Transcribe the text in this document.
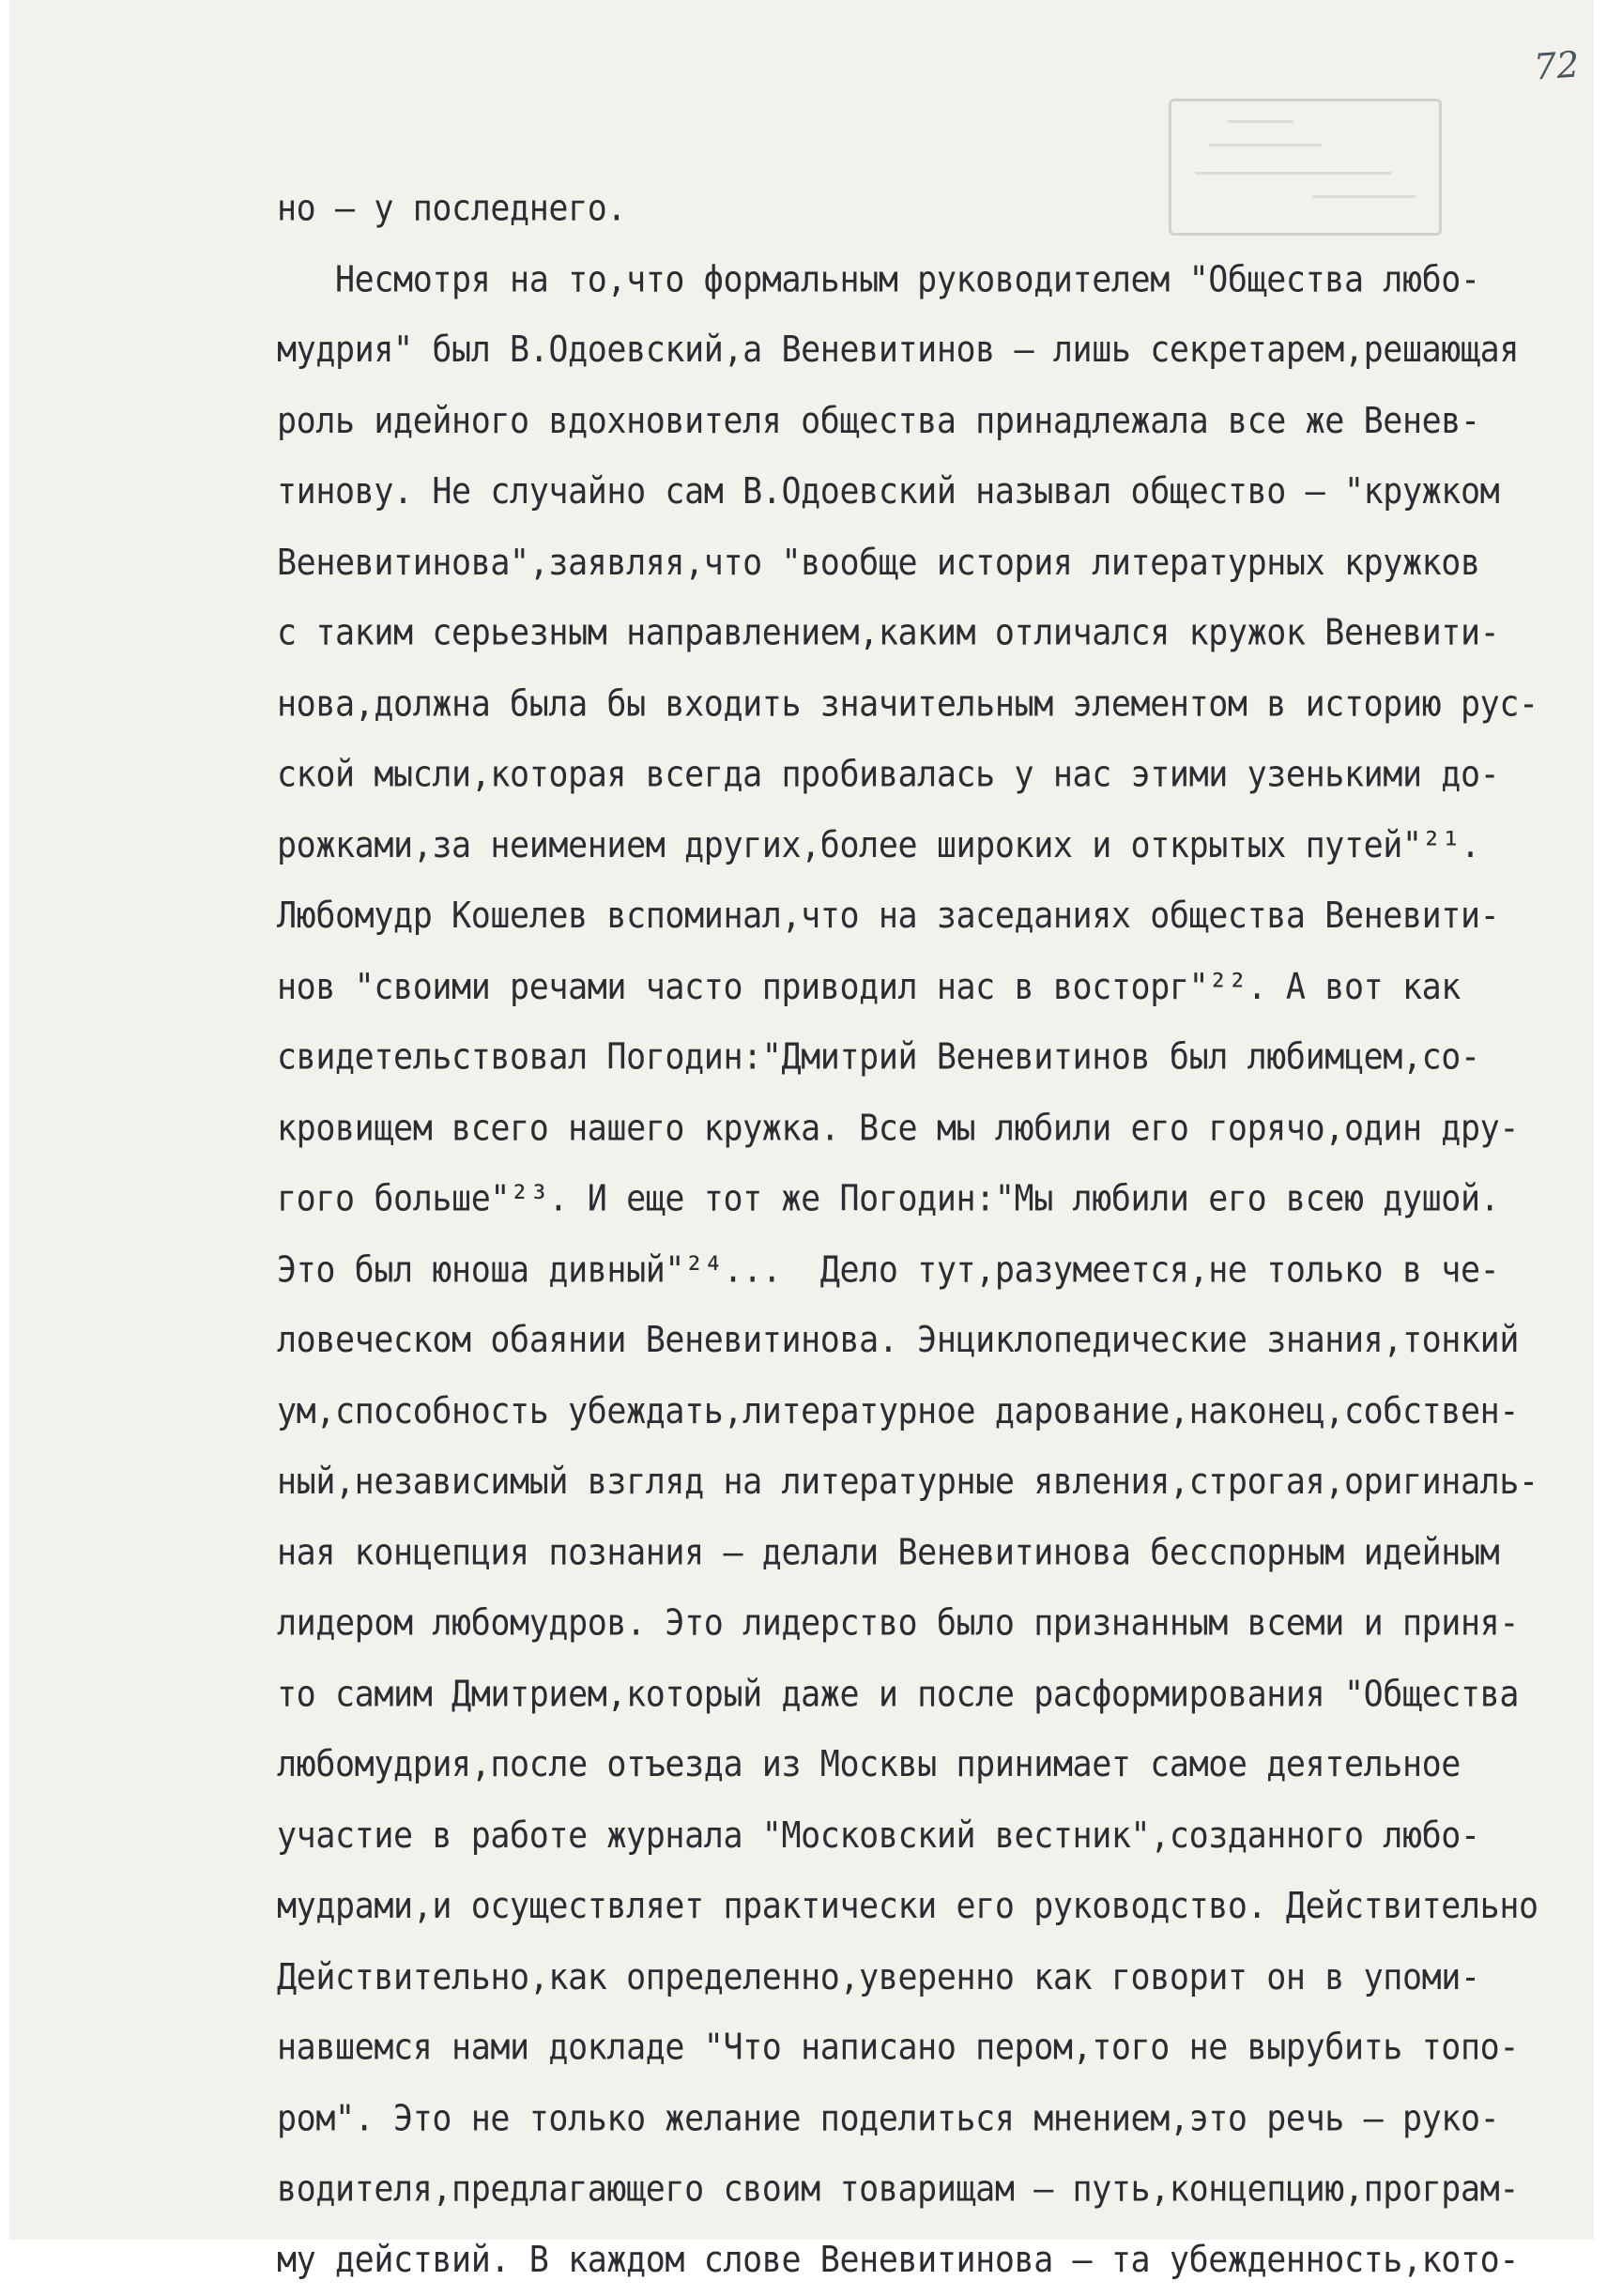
72
но – у последнего.
Несмотря на то,что формальным руководителем "Общества любо-
мудрия" был В.Одоевский,а Веневитинов – лишь секретарем,решающая
роль идейного вдохновителя общества принадлежала все же Венев-
тинову. Не случайно сам В.Одоевский называл общество – "кружком
Веневитинова",заявляя,что "вообще история литературных кружков
с таким серьезным направлением,каким отличался кружок Веневити-
нова,должна была бы входить значительным элементом в историю рус-
ской мысли,которая всегда пробивалась у нас этими узенькими до-
рожками,за неимением других,более широких и открытых путей"²¹.
Любомудр Кошелев вспоминал,что на заседаниях общества Веневити-
нов "своими речами часто приводил нас в восторг"²². А вот как
свидетельствовал Погодин:"Дмитрий Веневитинов был любимцем,со-
кровищем всего нашего кружка. Все мы любили его горячо,один дру-
гого больше"²³. И еще тот же Погодин:"Мы любили его всею душой.
Это был юноша дивный"²⁴...  Дело тут,разумеется,не только в че-
ловеческом обаянии Веневитинова. Энциклопедические знания,тонкий
ум,способность убеждать,литературное дарование,наконец,собствен-
ный,независимый взгляд на литературные явления,строгая,оригиналь-
ная концепция познания – делали Веневитинова бесспорным идейным
лидером любомудров. Это лидерство было признанным всеми и приня-
то самим Дмитрием,который даже и после расформирования "Общества
любомудрия,после отъезда из Москвы принимает самое деятельное
участие в работе журнала "Московский вестник",созданного любо-
мудрами,и осуществляет практически его руководство. Действительно
Действительно,как определенно,уверенно как говорит он в упоми-
навшемся нами докладе "Что написано пером,того не вырубить топо-
ром". Это не только желание поделиться мнением,это речь – руко-
водителя,предлагающего своим товарищам – путь,концепцию,програм-
му действий. В каждом слове Веневитинова – та убежденность,кото-
